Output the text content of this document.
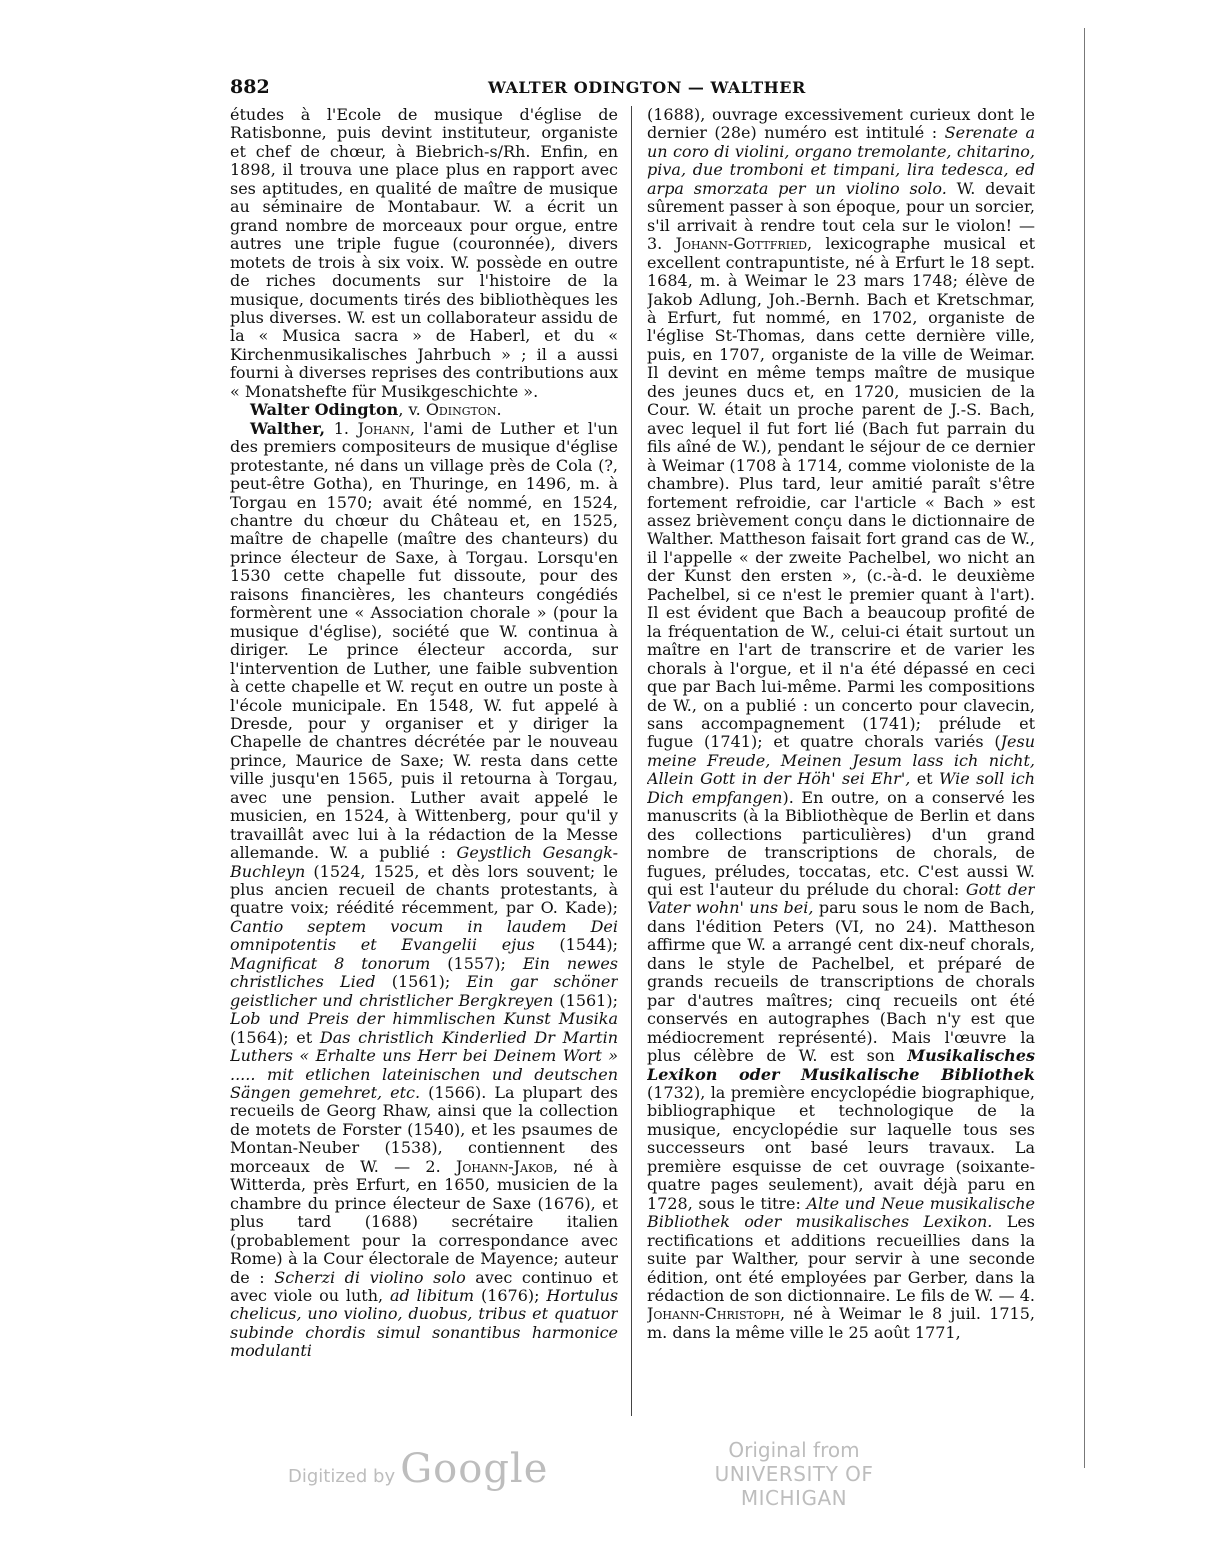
882	WALTER ODINGTON — WALTHER

études à l'Ecole de musique d'église de Ratisbonne, puis devint instituteur, organiste et chef de chœur, à Biebrich-s/Rh. Enfin, en 1898, il trouva une place plus en rapport avec ses aptitudes, en qualité de maître de musique au séminaire de Montabaur. W. a écrit un grand nombre de morceaux pour orgue, entre autres une triple fugue (couronnée), divers motets de trois à six voix. W. possède en outre de riches documents sur l'histoire de la musique, documents tirés des bibliothèques les plus diverses. W. est un collaborateur assidu de la « Musica sacra » de Haberl, et du « Kirchenmusikalisches Jahrbuch » ; il a aussi fourni à diverses reprises des contributions aux « Monatshefte für Musikgeschichte ».

Walter Odington, v. Odington.

Walther, 1. Johann, l'ami de Luther et l'un des premiers compositeurs de musique d'église protestante, né dans un village près de Cola (?, peut-être Gotha), en Thuringe, en 1496, m. à Torgau en 1570; avait été nommé, en 1524, chantre du chœur du Château et, en 1525, maître de chapelle (maître des chanteurs) du prince électeur de Saxe, à Torgau. Lorsqu'en 1530 cette chapelle fut dissoute, pour des raisons financières, les chanteurs congédiés formèrent une « Association chorale » (pour la musique d'église), société que W. continua à diriger. Le prince électeur accorda, sur l'intervention de Luther, une faible subvention à cette chapelle et W. reçut en outre un poste à l'école municipale. En 1548, W. fut appelé à Dresde, pour y organiser et y diriger la Chapelle de chantres décrétée par le nouveau prince, Maurice de Saxe; W. resta dans cette ville jusqu'en 1565, puis il retourna à Torgau, avec une pension. Luther avait appelé le musicien, en 1524, à Wittenberg, pour qu'il y travaillât avec lui à la rédaction de la Messe allemande. W. a publié : Geystlich Gesangk-Buchleyn (1524, 1525, et dès lors souvent; le plus ancien recueil de chants protestants, à quatre voix; réédité récemment, par O. Kade); Cantio septem vocum in laudem Dei omnipotentis et Evangelii ejus (1544); Magnificat 8 tonorum (1557); Ein newes christliches Lied (1561); Ein gar schöner geistlicher und christlicher Bergkreyen (1561); Lob und Preis der himmlischen Kunst Musika (1564); et Das christlich Kinderlied Dr Martin Luthers « Erhalte uns Herr bei Deinem Wort » ..... mit etlichen lateinischen und deutschen Sängen gemehret, etc. (1566). La plupart des recueils de Georg Rhaw, ainsi que la collection de motets de Forster (1540), et les psaumes de Montan-Neuber (1538), contiennent des morceaux de W. — 2. Johann-Jakob, né à Witterda, près Erfurt, en 1650, musicien de la chambre du prince électeur de Saxe (1676), et plus tard (1688) secrétaire italien (probablement pour la correspondance avec Rome) à la Cour électorale de Mayence; auteur de : Scherzi di violino solo avec continuo et avec viole ou luth, ad libitum (1676); Hortulus chelicus, uno violino, duobus, tribus et quatuor subinde chordis simul sonantibus harmonice modulanti

(1688), ouvrage excessivement curieux dont le dernier (28e) numéro est intitulé : Serenate a un coro di violini, organo tremolante, chitarino, piva, due tromboni et timpani, lira tedesca, ed arpa smorzata per un violino solo. W. devait sûrement passer à son époque, pour un sorcier, s'il arrivait à rendre tout cela sur le violon! — 3. Johann-Gottfried, lexicographe musical et excellent contrapuntiste, né à Erfurt le 18 sept. 1684, m. à Weimar le 23 mars 1748; élève de Jakob Adlung, Joh.-Bernh. Bach et Kretschmar, à Erfurt, fut nommé, en 1702, organiste de l'église St-Thomas, dans cette dernière ville, puis, en 1707, organiste de la ville de Weimar. Il devint en même temps maître de musique des jeunes ducs et, en 1720, musicien de la Cour. W. était un proche parent de J.-S. Bach, avec lequel il fut fort lié (Bach fut parrain du fils aîné de W.), pendant le séjour de ce dernier à Weimar (1708 à 1714, comme violoniste de la chambre). Plus tard, leur amitié paraît s'être fortement refroidie, car l'article « Bach » est assez brièvement conçu dans le dictionnaire de Walther. Mattheson faisait fort grand cas de W., il l'appelle « der zweite Pachelbel, wo nicht an der Kunst den ersten », (c.-à-d. le deuxième Pachelbel, si ce n'est le premier quant à l'art). Il est évident que Bach a beaucoup profité de la fréquentation de W., celui-ci était surtout un maître en l'art de transcrire et de varier les chorals à l'orgue, et il n'a été dépassé en ceci que par Bach lui-même. Parmi les compositions de W., on a publié : un concerto pour clavecin, sans accompagnement (1741); prélude et fugue (1741); et quatre chorals variés (Jesu meine Freude, Meinen Jesum lass ich nicht, Allein Gott in der Höh' sei Ehr', et Wie soll ich Dich empfangen). En outre, on a conservé les manuscrits (à la Bibliothèque de Berlin et dans des collections particulières) d'un grand nombre de transcriptions de chorals, de fugues, préludes, toccatas, etc. C'est aussi W. qui est l'auteur du prélude du choral: Gott der Vater wohn' uns bei, paru sous le nom de Bach, dans l'édition Peters (VI, no 24). Mattheson affirme que W. a arrangé cent dix-neuf chorals, dans le style de Pachelbel, et préparé de grands recueils de transcriptions de chorals par d'autres maîtres; cinq recueils ont été conservés en autographes (Bach n'y est que médiocrement représenté). Mais l'œuvre la plus célèbre de W. est son Musikalisches Lexikon oder Musikalische Bibliothek (1732), la première encyclopédie biographique, bibliographique et technologique de la musique, encyclopédie sur laquelle tous ses successeurs ont basé leurs travaux. La première esquisse de cet ouvrage (soixante-quatre pages seulement), avait déjà paru en 1728, sous le titre: Alte und Neue musikalische Bibliothek oder musikalisches Lexikon. Les rectifications et additions recueillies dans la suite par Walther, pour servir à une seconde édition, ont été employées par Gerber, dans la rédaction de son dictionnaire. Le fils de W. — 4. Johann-Christoph, né à Weimar le 8 juil. 1715, m. dans la même ville le 25 août 1771,

Digitized by Google	Original from
UNIVERSITY OF MICHIGAN
